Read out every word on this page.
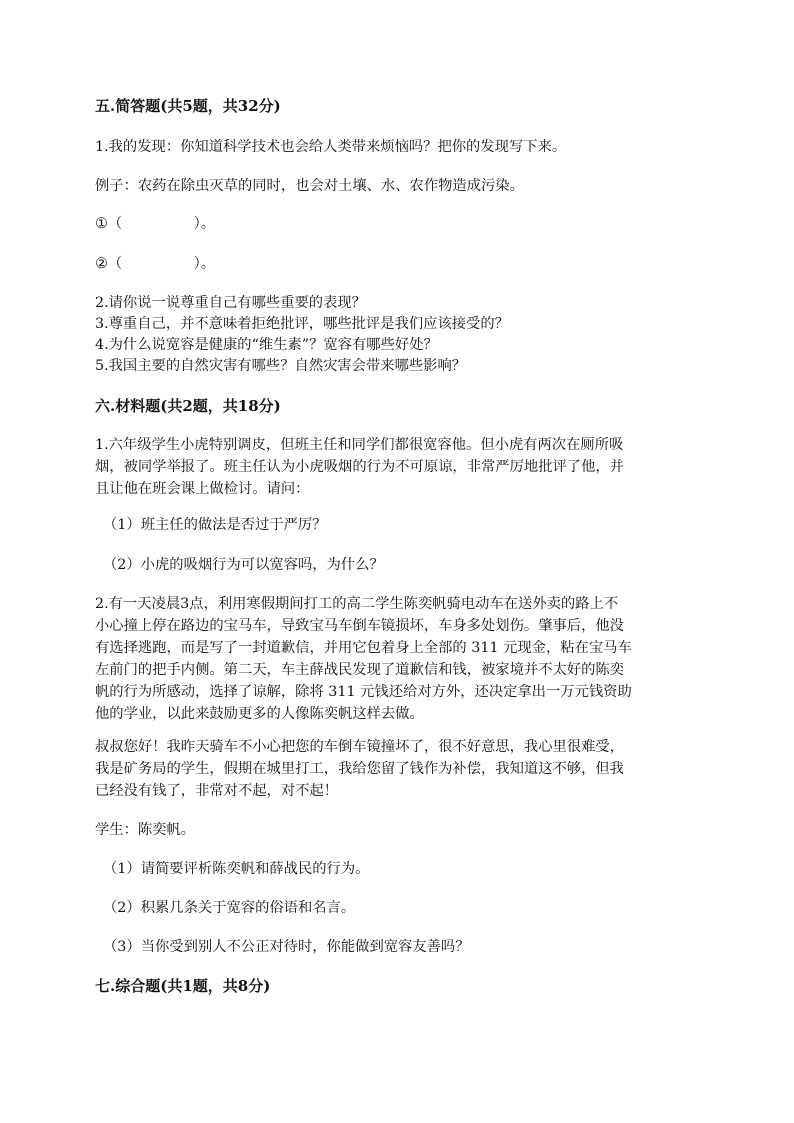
五.简答题(共5题，共32分)
1.我的发现：你知道科学技术也会给人类带来烦恼吗？把你的发现写下来。
例子：农药在除虫灭草的同时，也会对土壤、水、农作物造成污染。
①（　　　　　）。
②（　　　　　）。
2.请你说一说尊重自己有哪些重要的表现？
3.尊重自己，并不意味着拒绝批评，哪些批评是我们应该接受的？
4.为什么说宽容是健康的“维生素”？宽容有哪些好处？
5.我国主要的自然灾害有哪些？自然灾害会带来哪些影响？
六.材料题(共2题，共18分)
1.六年级学生小虎特别调皮，但班主任和同学们都很宽容他。但小虎有两次在厕所吸
烟，被同学举报了。班主任认为小虎吸烟的行为不可原谅，非常严厉地批评了他，并
且让他在班会课上做检讨。请问：
（1）班主任的做法是否过于严厉？
（2）小虎的吸烟行为可以宽容吗，为什么？
2.有一天凌晨3点，利用寒假期间打工的高二学生陈奕帆骑电动车在送外卖的路上不
小心撞上停在路边的宝马车，导致宝马车倒车镜损坏，车身多处划伤。肇事后，他没
有选择逃跑，而是写了一封道歉信，并用它包着身上全部的 311 元现金，粘在宝马车
左前门的把手内侧。第二天，车主薛战民发现了道歉信和钱，被家境并不太好的陈奕
帆的行为所感动，选择了谅解，除将 311 元钱还给对方外，还决定拿出一万元钱资助
他的学业，以此来鼓励更多的人像陈奕帆这样去做。
叔叔您好！我昨天骑车不小心把您的车倒车镜撞坏了，很不好意思，我心里很难受，
我是矿务局的学生，假期在城里打工，我给您留了钱作为补偿，我知道这不够，但我
已经没有钱了，非常对不起，对不起！
学生：陈奕帆。
（1）请简要评析陈奕帆和薛战民的行为。
（2）积累几条关于宽容的俗语和名言。
（3）当你受到别人不公正对待时，你能做到宽容友善吗？
七.综合题(共1题，共8分)
